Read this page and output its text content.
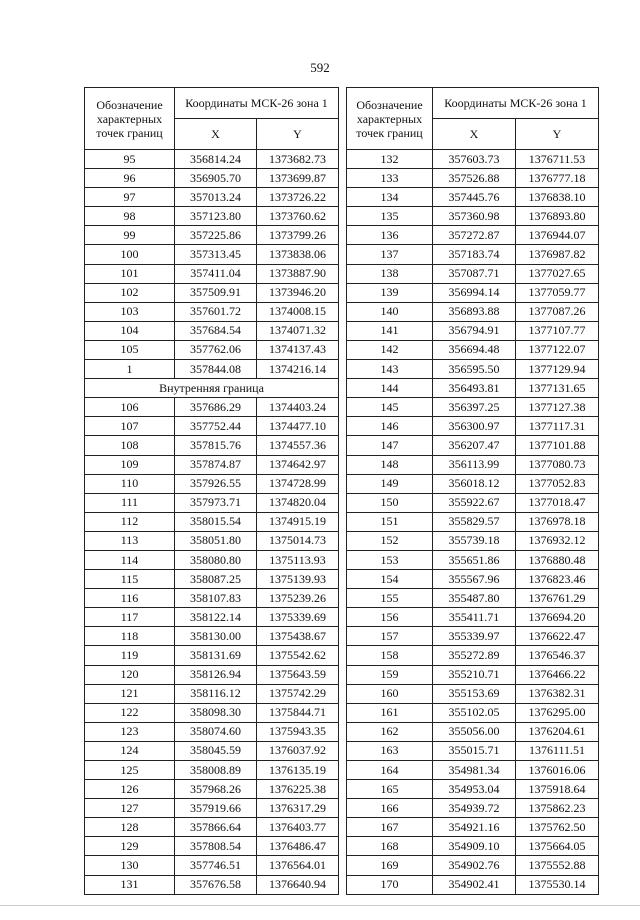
592
Обозначение характерных точек границ	Координаты МСК-26 зона 1	
	X	Y
95	356814.24	1373682.73
96	356905.70	1373699.87
97	357013.24	1373726.22
98	357123.80	1373760.62
99	357225.86	1373799.26
100	357313.45	1373838.06
101	357411.04	1373887.90
102	357509.91	1373946.20
103	357601.72	1374008.15
104	357684.54	1374071.32
105	357762.06	1374137.43
1	357844.08	1374216.14
Внутренняя граница		
106	357686.29	1374403.24
107	357752.44	1374477.10
108	357815.76	1374557.36
109	357874.87	1374642.97
110	357926.55	1374728.99
111	357973.71	1374820.04
112	358015.54	1374915.19
113	358051.80	1375014.73
114	358080.80	1375113.93
115	358087.25	1375139.93
116	358107.83	1375239.26
117	358122.14	1375339.69
118	358130.00	1375438.67
119	358131.69	1375542.62
120	358126.94	1375643.59
121	358116.12	1375742.29
122	358098.30	1375844.71
123	358074.60	1375943.35
124	358045.59	1376037.92
125	358008.89	1376135.19
126	357968.26	1376225.38
127	357919.66	1376317.29
128	357866.64	1376403.77
129	357808.54	1376486.47
130	357746.51	1376564.01
131	357676.58	1376640.94
Обозначение характерных точек границ	Координаты МСК-26 зона 1	
	X	Y
132	357603.73	1376711.53
133	357526.88	1376777.18
134	357445.76	1376838.10
135	357360.98	1376893.80
136	357272.87	1376944.07
137	357183.74	1376987.82
138	357087.71	1377027.65
139	356994.14	1377059.77
140	356893.88	1377087.26
141	356794.91	1377107.77
142	356694.48	1377122.07
143	356595.50	1377129.94
144	356493.81	1377131.65
145	356397.25	1377127.38
146	356300.97	1377117.31
147	356207.47	1377101.88
148	356113.99	1377080.73
149	356018.12	1377052.83
150	355922.67	1377018.47
151	355829.57	1376978.18
152	355739.18	1376932.12
153	355651.86	1376880.48
154	355567.96	1376823.46
155	355487.80	1376761.29
156	355411.71	1376694.20
157	355339.97	1376622.47
158	355272.89	1376546.37
159	355210.71	1376466.22
160	355153.69	1376382.31
161	355102.05	1376295.00
162	355056.00	1376204.61
163	355015.71	1376111.51
164	354981.34	1376016.06
165	354953.04	1375918.64
166	354939.72	1375862.23
167	354921.16	1375762.50
168	354909.10	1375664.05
169	354902.76	1375552.88
170	354902.41	1375530.14
